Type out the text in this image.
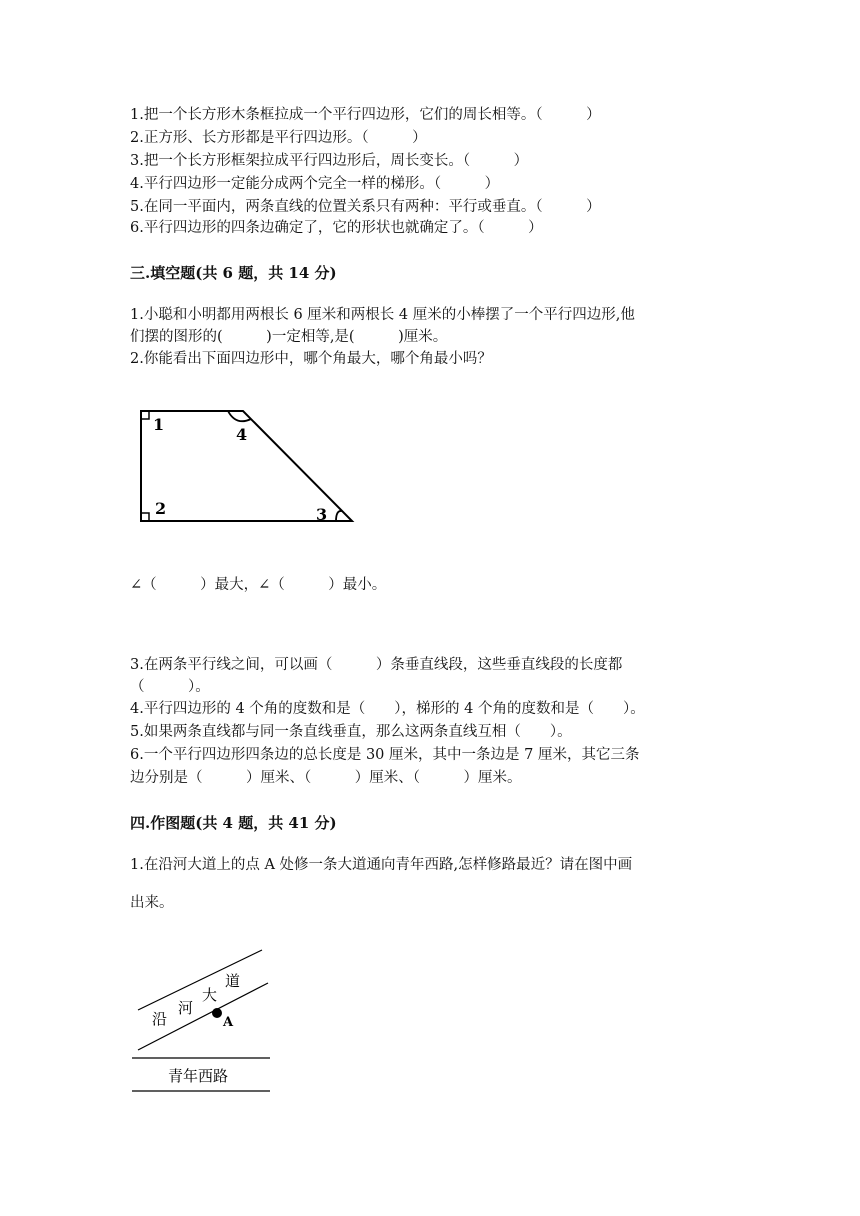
1.把一个长方形木条框拉成一个平行四边形，它们的周长相等。（　　　）
2.正方形、长方形都是平行四边形。（　　　）
3.把一个长方形框架拉成平行四边形后，周长变长。（　　　）
4.平行四边形一定能分成两个完全一样的梯形。（　　　）
5.在同一平面内，两条直线的位置关系只有两种：平行或垂直。（　　　）
6.平行四边形的四条边确定了，它的形状也就确定了。（　　　）
三.填空题(共 6 题，共 14 分)
1.小聪和小明都用两根长 6 厘米和两根长 4 厘米的小棒摆了一个平行四边形,他
们摆的图形的(　　　)一定相等,是(　　　)厘米。
2.你能看出下面四边形中，哪个角最大，哪个角最小吗？
1
4
2	3
∠（　　　）最大，∠（　　　）最小。
3.在两条平行线之间，可以画（　　　）条垂直线段，这些垂直线段的长度都
（　　　）。
4.平行四边形的 4 个角的度数和是（　　），梯形的 4 个角的度数和是（　　）。
5.如果两条直线都与同一条直线垂直，那么这两条直线互相（　　）。
6.一个平行四边形四条边的总长度是 30 厘米，其中一条边是 7 厘米，其它三条
边分别是（　　　）厘米、（　　　）厘米、（　　　）厘米。
四.作图题(共 4 题，共 41 分)
1.在沿河大道上的点 A 处修一条大道通向青年西路,怎样修路最近？请在图中画
出来。
沿
河
大
道
A
青年西路
